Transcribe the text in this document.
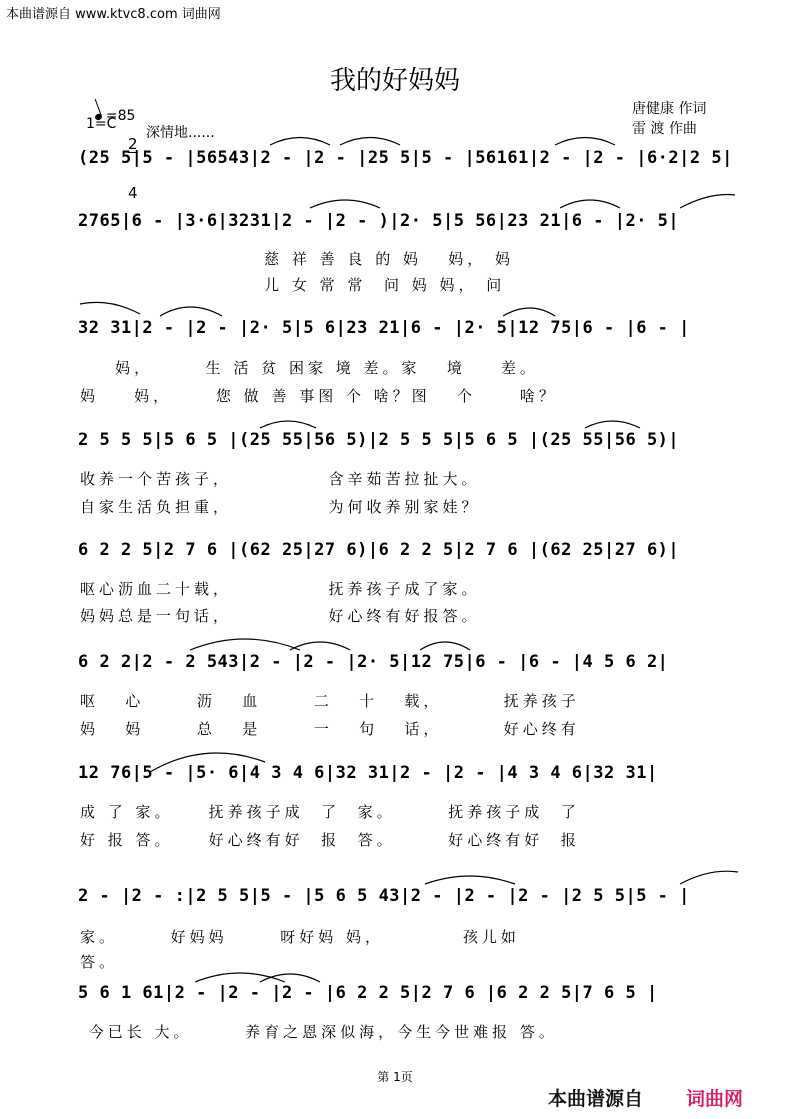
本曲谱源自 www.ktvc8.com 词曲网
我的好妈妈

=85

1=C

2

4

深情地......
唐健康 作词
雷 渡 作曲
(25 5|5 - |56543|2 - |2 - |25 5|5 - |56161|2 - |2 - |6·2|2 5|
2765|6 - |3·6|3231|2 - |2 - )|2· 5|5 56|23 21|6 - |2· 5|
慈 祥 善 良 的 妈   妈， 妈
儿 女 常 常  问 妈 妈， 问
32 31|2 - |2 - |2· 5|5 6|23 21|6 - |2· 5|12 75|6 - |6 - |
妈，      生 活 贫 困家 境 差。家   境    差。
妈    妈，     您 做 善 事图 个 啥？图   个     啥？
2 5 5 5|5 6 5 |(25 55|56 5)|2 5 5 5|5 6 5 |(25 55|56 5)|
收养一个苦孩子，           含辛茹苦拉扯大。
自家生活负担重，           为何收养别家娃？
6 2 2 5|2 7 6 |(62 25|27 6)|6 2 2 5|2 7 6 |(62 25|27 6)|
呕心沥血二十载，           抚养孩子成了家。
妈妈总是一句话，           好心终有好报答。
6 2 2|2 - 2 543|2 - |2 - |2· 5|12 75|6 - |6 - |4 5 6 2|
呕   心      沥   血      二   十   载，       抚养孩子
妈   妈      总   是      一   句   话，       好心终有
12 76|5 - |5· 6|4 3 4 6|32 31|2 - |2 - |4 3 4 6|32 31|
成 了 家。    抚养孩子成  了  家。      抚养孩子成  了
好 报 答。    好心终有好  报  答。      好心终有好  报
2 - |2 - :|2 5 5|5 - |5 6 5 43|2 - |2 - |2 - |2 5 5|5 - |
家。      好妈妈      呀好妈 妈，         孩儿如
答。
5 6 1 61|2 - |2 - |2 - |6 2 2 5|2 7 6 |6 2 2 5|7 6 5 |
今已长 大。      养育之恩深似海，今生今世难报 答。
第 1页
本曲谱源自 词曲网
